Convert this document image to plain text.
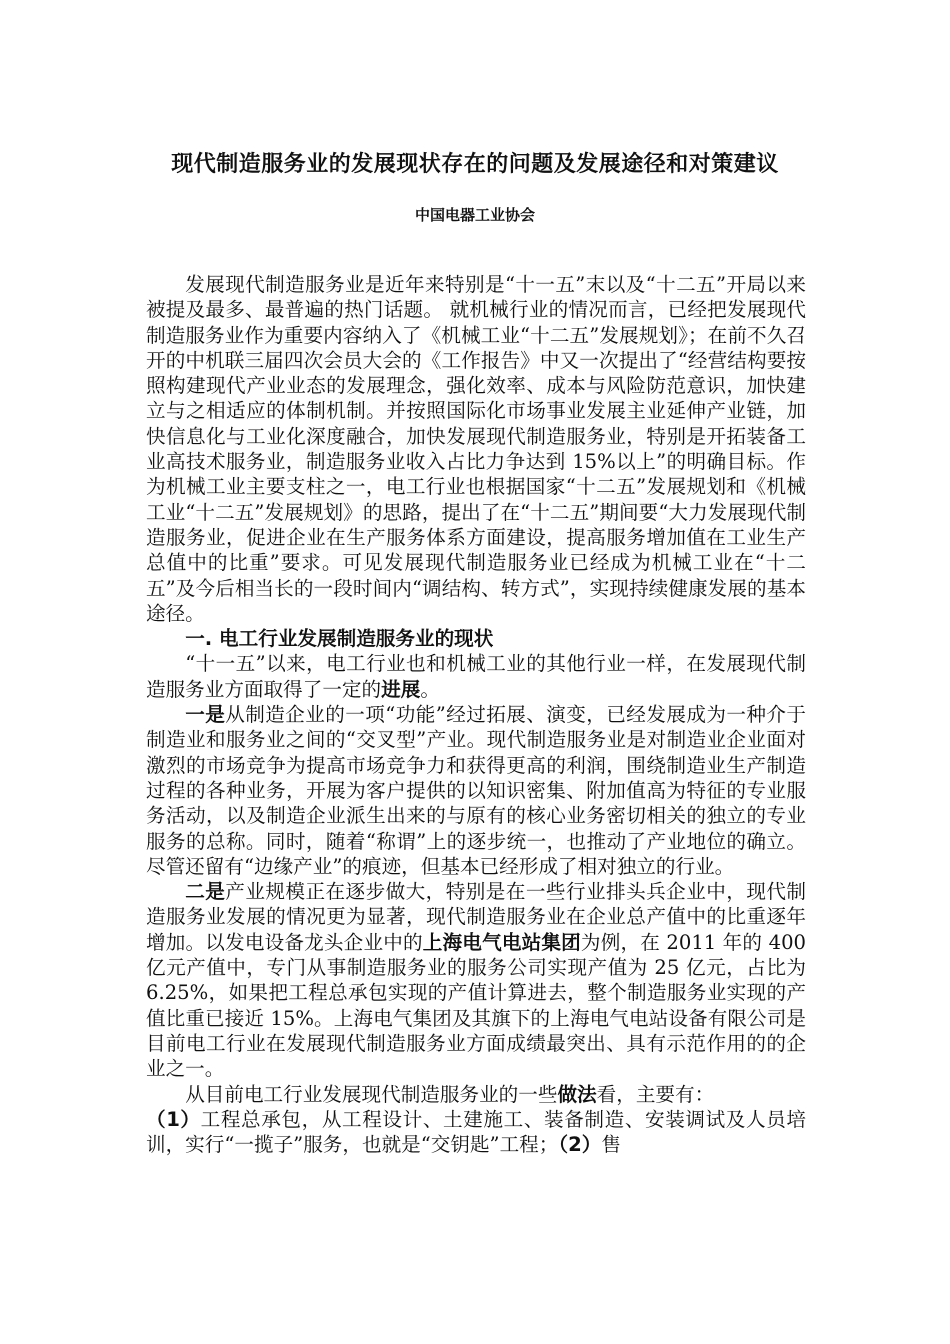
现代制造服务业的发展现状存在的问题及发展途径和对策建议
中国电器工业协会

发展现代制造服务业是近年来特别是“十一五”末以及“十二五”开局以来被提及最多、最普遍的热门话题。 就机械行业的情况而言，已经把发展现代制造服务业作为重要内容纳入了《机械工业“十二五”发展规划》；在前不久召开的中机联三届四次会员大会的《工作报告》中又一次提出了“经营结构要按照构建现代产业业态的发展理念，强化效率、成本与风险防范意识，加快建立与之相适应的体制机制。并按照国际化市场事业发展主业延伸产业链，加快信息化与工业化深度融合，加快发展现代制造服务业，特别是开拓装备工业高技术服务业，制造服务业收入占比力争达到 15%以上”的明确目标。作为机械工业主要支柱之一，电工行业也根据国家“十二五”发展规划和《机械工业“十二五”发展规划》的思路，提出了在“十二五”期间要“大力发展现代制造服务业，促进企业在生产服务体系方面建设，提高服务增加值在工业生产总值中的比重”要求。可见发展现代制造服务业已经成为机械工业在“十二五”及今后相当长的一段时间内“调结构、转方式”，实现持续健康发展的基本途径。

一. 电工行业发展制造服务业的现状

“十一五”以来，电工行业也和机械工业的其他行业一样，在发展现代制造服务业方面取得了一定的进展。

一是从制造企业的一项“功能”经过拓展、演变，已经发展成为一种介于制造业和服务业之间的“交叉型”产业。现代制造服务业是对制造业企业面对激烈的市场竞争为提高市场竞争力和获得更高的利润，围绕制造业生产制造过程的各种业务，开展为客户提供的以知识密集、附加值高为特征的专业服务活动，以及制造企业派生出来的与原有的核心业务密切相关的独立的专业服务的总称。同时，随着“称谓”上的逐步统一，也推动了产业地位的确立。尽管还留有“边缘产业”的痕迹，但基本已经形成了相对独立的行业。

二是产业规模正在逐步做大，特别是在一些行业排头兵企业中，现代制造服务业发展的情况更为显著，现代制造服务业在企业总产值中的比重逐年增加。以发电设备龙头企业中的上海电气电站集团为例，在 2011 年的 400 亿元产值中，专门从事制造服务业的服务公司实现产值为 25 亿元，占比为 6.25%，如果把工程总承包实现的产值计算进去，整个制造服务业实现的产值比重已接近 15%。上海电气集团及其旗下的上海电气电站设备有限公司是目前电工行业在发展现代制造服务业方面成绩最突出、具有示范作用的的企业之一。

从目前电工行业发展现代制造服务业的一些做法看，主要有：

（1）工程总承包，从工程设计、土建施工、装备制造、安装调试及人员培训，实行“一揽子”服务，也就是“交钥匙”工程；（2）售
